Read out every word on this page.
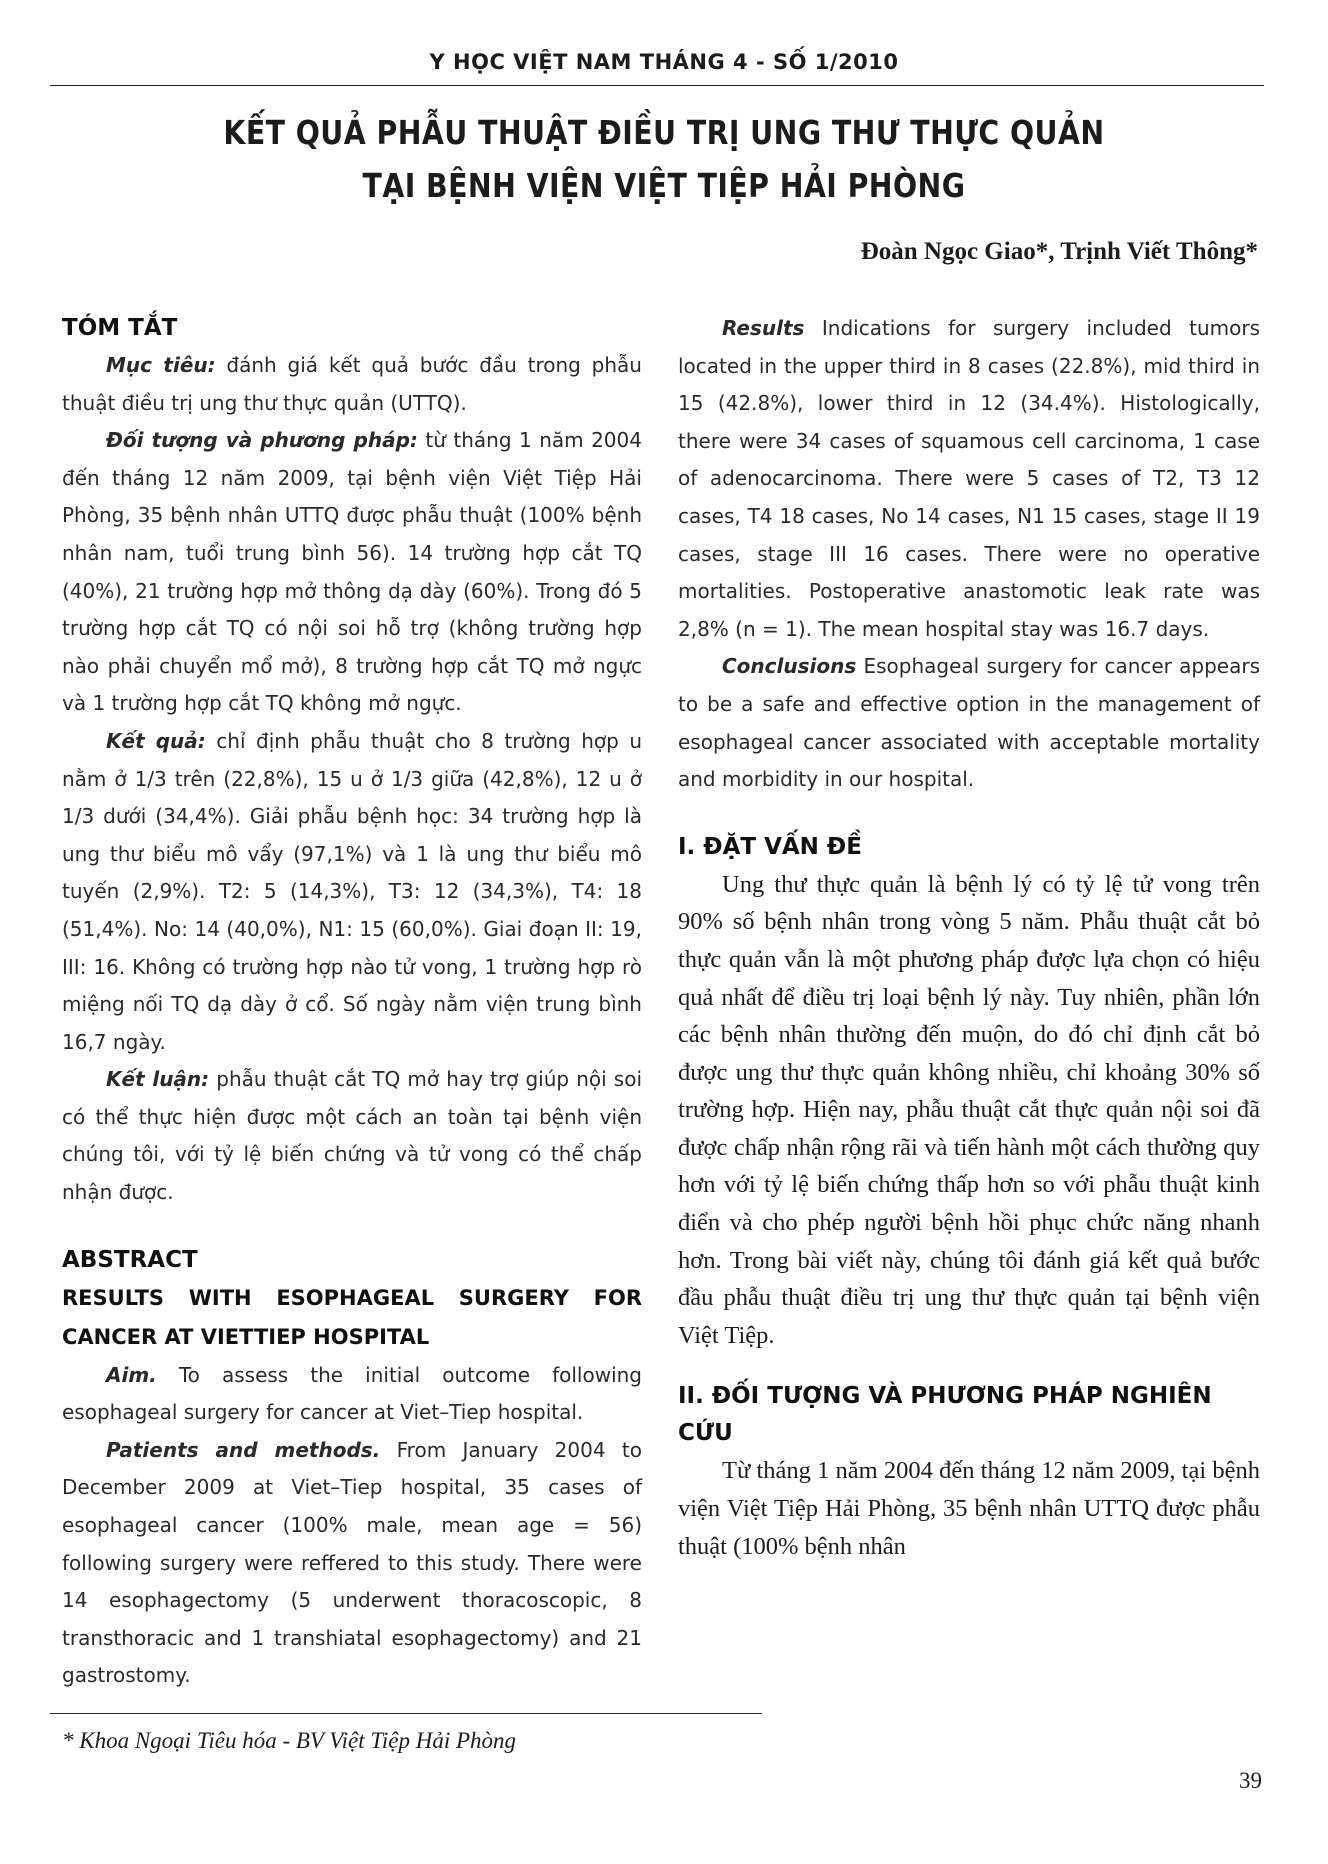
Y HỌC VIỆT NAM THÁNG 4 - SỐ 1/2010
KẾT QUẢ PHẪU THUẬT ĐIỀU TRỊ UNG THƯ THỰC QUẢN
TẠI BỆNH VIỆN VIỆT TIỆP HẢI PHÒNG
Đoàn Ngọc Giao*, Trịnh Viết Thông*
TÓM TẮT

Mục tiêu: đánh giá kết quả bước đầu trong phẫu thuật điều trị ung thư thực quản (UTTQ).

Đối tượng và phương pháp: từ tháng 1 năm 2004 đến tháng 12 năm 2009, tại bệnh viện Việt Tiệp Hải Phòng, 35 bệnh nhân UTTQ được phẫu thuật (100% bệnh nhân nam, tuổi trung bình 56). 14 trường hợp cắt TQ (40%), 21 trường hợp mở thông dạ dày (60%). Trong đó 5 trường hợp cắt TQ có nội soi hỗ trợ (không trường hợp nào phải chuyển mổ mở), 8 trường hợp cắt TQ mở ngực và 1 trường hợp cắt TQ không mở ngực.

Kết quả: chỉ định phẫu thuật cho 8 trường hợp u nằm ở 1/3 trên (22,8%), 15 u ở 1/3 giữa (42,8%), 12 u ở 1/3 dưới (34,4%). Giải phẫu bệnh học: 34 trường hợp là ung thư biểu mô vẩy (97,1%) và 1 là ung thư biểu mô tuyến (2,9%). T2: 5 (14,3%), T3: 12 (34,3%), T4: 18 (51,4%). No: 14 (40,0%), N1: 15 (60,0%). Giai đoạn II: 19, III: 16. Không có trường hợp nào tử vong, 1 trường hợp rò miệng nối TQ dạ dày ở cổ. Số ngày nằm viện trung bình 16,7 ngày.

Kết luận: phẫu thuật cắt TQ mở hay trợ giúp nội soi có thể thực hiện được một cách an toàn tại bệnh viện chúng tôi, với tỷ lệ biến chứng và tử vong có thể chấp nhận được.

ABSTRACT
RESULTS WITH ESOPHAGEAL SURGERY FOR CANCER AT VIETTIEP HOSPITAL

Aim. To assess the initial outcome following esophageal surgery for cancer at Viet–Tiep hospital.

Patients and methods. From January 2004 to December 2009 at Viet–Tiep hospital, 35 cases of esophageal cancer (100% male, mean age = 56) following surgery were reffered to this study. There were 14 esophagectomy (5 underwent thoracoscopic, 8 transthoracic and 1 transhiatal esophagectomy) and 21 gastrostomy.

Results Indications for surgery included tumors located in the upper third in 8 cases (22.8%), mid third in 15 (42.8%), lower third in 12 (34.4%). Histologically, there were 34 cases of squamous cell carcinoma, 1 case of adenocarcinoma. There were 5 cases of T2, T3 12 cases, T4 18 cases, No 14 cases, N1 15 cases, stage II 19 cases, stage III 16 cases. There were no operative mortalities. Postoperative anastomotic leak rate was 2,8% (n = 1). The mean hospital stay was 16.7 days.

Conclusions Esophageal surgery for cancer appears to be a safe and effective option in the management of esophageal cancer associated with acceptable mortality and morbidity in our hospital.

I. ĐẶT VẤN ĐỀ

Ung thư thực quản là bệnh lý có tỷ lệ tử vong trên 90% số bệnh nhân trong vòng 5 năm. Phẫu thuật cắt bỏ thực quản vẫn là một phương pháp được lựa chọn có hiệu quả nhất để điều trị loại bệnh lý này. Tuy nhiên, phần lớn các bệnh nhân thường đến muộn, do đó chỉ định cắt bỏ được ung thư thực quản không nhiều, chỉ khoảng 30% số trường hợp. Hiện nay, phẫu thuật cắt thực quản nội soi đã được chấp nhận rộng rãi và tiến hành một cách thường quy hơn với tỷ lệ biến chứng thấp hơn so với phẫu thuật kinh điển và cho phép người bệnh hồi phục chức năng nhanh hơn. Trong bài viết này, chúng tôi đánh giá kết quả bước đầu phẫu thuật điều trị ung thư thực quản tại bệnh viện Việt Tiệp.

II. ĐỐI TƯỢNG VÀ PHƯƠNG PHÁP NGHIÊN CỨU

Từ tháng 1 năm 2004 đến tháng 12 năm 2009, tại bệnh viện Việt Tiệp Hải Phòng, 35 bệnh nhân UTTQ được phẫu thuật (100% bệnh nhân

* Khoa Ngoại Tiêu hóa - BV Việt Tiệp Hải Phòng
39
